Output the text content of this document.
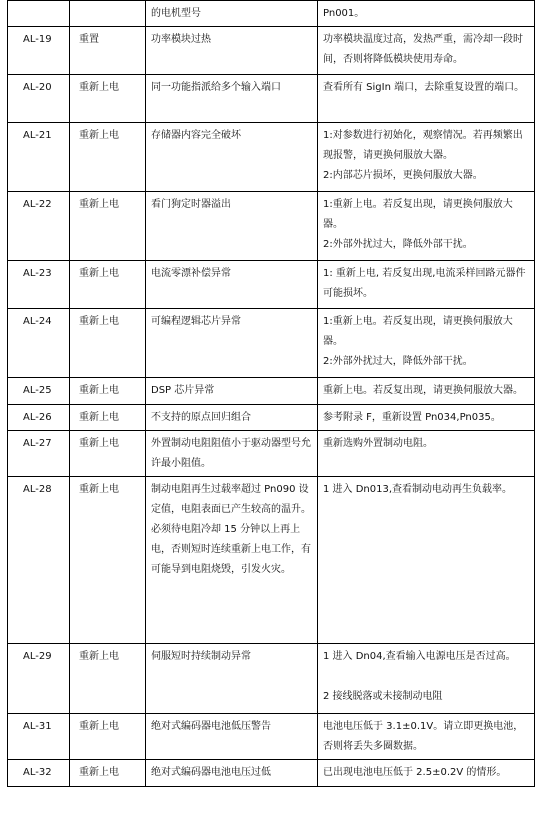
		的电机型号	Pn001。

AL-19	重置	功率模块过热	功率模块温度过高，发热严重，需冷却一段时间，否则将降低模块使用寿命。

AL-20	重新上电	同一功能指派给多个输入端口	查看所有 SigIn 端口，去除重复设置的端口。

AL-21	重新上电	存储器内容完全破坏	1:对参数进行初始化，观察情况。若再频繁出现报警，请更换伺服放大器。
2:内部芯片损坏，更换伺服放大器。

AL-22	重新上电	看门狗定时器溢出	1:重新上电。若反复出现，请更换伺服放大器。
2:外部外扰过大，降低外部干扰。

AL-23	重新上电	电流零漂补偿异常	1: 重新上电, 若反复出现,电流采样回路元器件可能损坏。

AL-24	重新上电	可编程逻辑芯片异常	1:重新上电。若反复出现，请更换伺服放大器。
2:外部外扰过大，降低外部干扰。

AL-25	重新上电	DSP 芯片异常	重新上电。若反复出现，请更换伺服放大器。

AL-26	重新上电	不支持的原点回归组合	参考附录 F，重新设置 Pn034,Pn035。

AL-27	重新上电	外置制动电阻阻值小于驱动器型号允许最小阻值。	重新选购外置制动电阻。

AL-28	重新上电	制动电阻再生过载率超过 Pn090 设定值，电阻表面已产生较高的温升。必须待电阻冷却 15 分钟以上再上电，否则短时连续重新上电工作，有可能导到电阻烧毁，引发火灾。	1 进入 Dn013,查看制动电动再生负载率。

AL-29	重新上电	伺服短时持续制动异常	1 进入 Dn04,查看输入电源电压是否过高。
2 接线脱落或未接制动电阻

AL-31	重新上电	绝对式编码器电池低压警告	电池电压低于 3.1±0.1V。请立即更换电池，否则将丢失多圈数据。

AL-32	重新上电	绝对式编码器电池电压过低	已出现电池电压低于 2.5±0.2V 的情形。
